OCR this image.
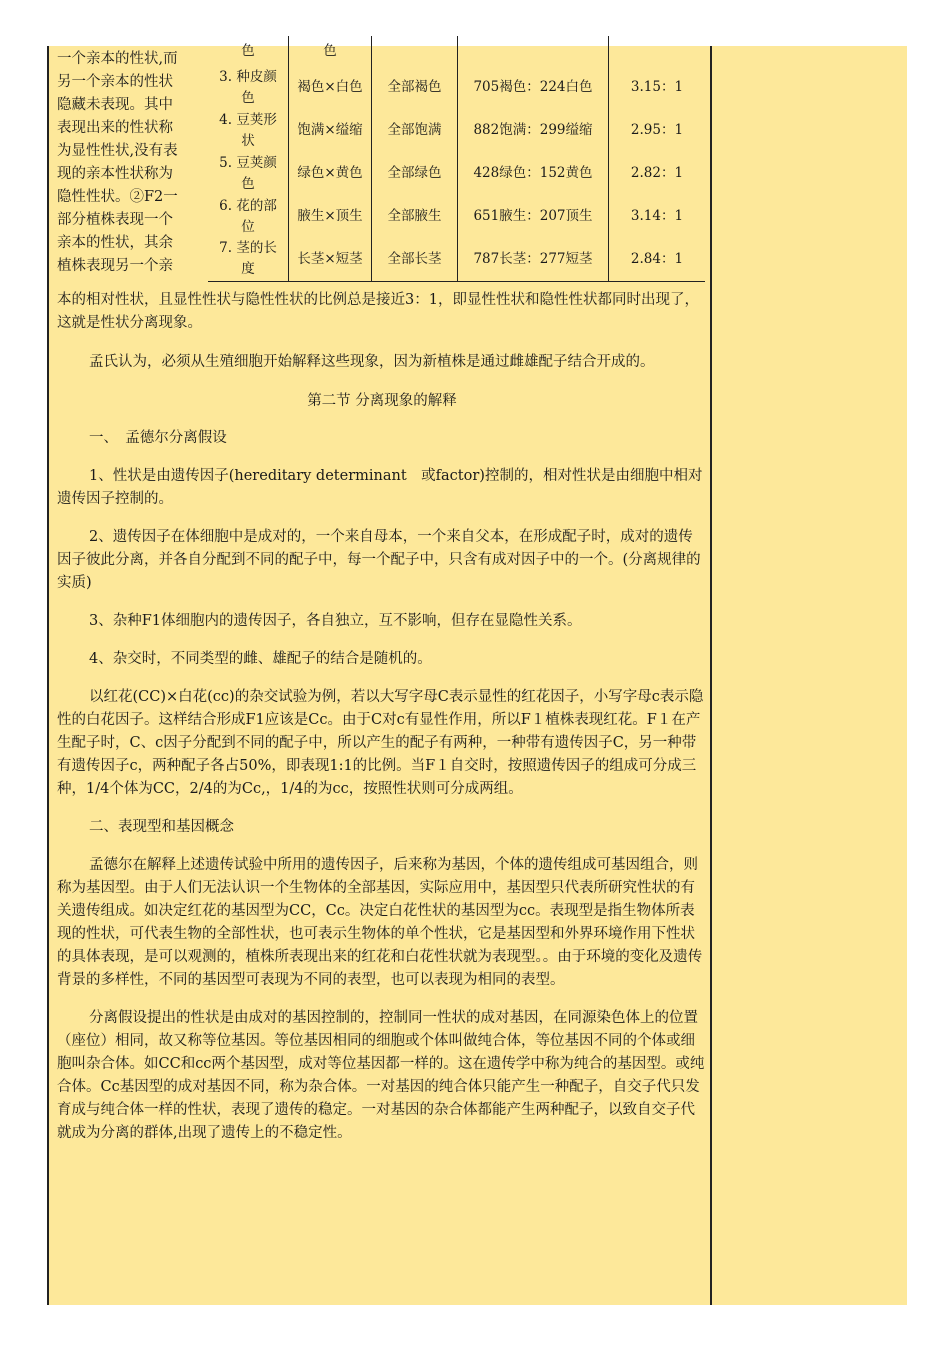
一个亲本的性状,而
另一个亲本的性状
隐藏未表现。其中
表现出来的性状称
为显性性状,没有表
现的亲本性状称为
隐性性状。②F2一
部分植株表现一个
亲本的性状，其余
植株表现另一个亲
色	色			
3. 种皮颜色	褐色×白色	全部褐色	705褐色：224白色	3.15：1
4. 豆荚形状	饱满×缢缩	全部饱满	882饱满：299缢缩	2.95：1
5. 豆荚颜色	绿色×黄色	全部绿色	428绿色：152黄色	2.82：1
6. 花的部位	腋生×顶生	全部腋生	651腋生：207顶生	3.14：1
7. 茎的长度	长茎×短茎	全部长茎	787长茎：277短茎	2.84：1

本的相对性状，且显性性状与隐性性状的比例总是接近3：1，即显性性状和隐性性状都同时出现了，这就是性状分离现象。

孟氏认为，必须从生殖细胞开始解释这些现象，因为新植株是通过雌雄配子结合开成的。

第二节 分离现象的解释
一、　孟德尔分离假设

1、性状是由遗传因子(hereditary determinant　或factor)控制的，相对性状是由细胞中相对遗传因子控制的。

2、遗传因子在体细胞中是成对的，一个来自母本，一个来自父本，在形成配子时，成对的遗传因子彼此分离，并各自分配到不同的配子中，每一个配子中，只含有成对因子中的一个。(分离规律的实质)

3、杂种F1体细胞内的遗传因子，各自独立，互不影响，但存在显隐性关系。

4、杂交时，不同类型的雌、雄配子的结合是随机的。

以红花(CC)×白花(cc)的杂交试验为例，若以大写字母C表示显性的红花因子，小写字母c表示隐性的白花因子。这样结合形成F1应该是Cc。由于C对c有显性作用，所以F１植株表现红花。F１在产生配子时，C、c因子分配到不同的配子中，所以产生的配子有两种，一种带有遗传因子C，另一种带有遗传因子c，两种配子各占50%，即表现1:1的比例。当F１自交时，按照遗传因子的组成可分成三种，1/4个体为CC，2/4的为Cc,，1/4的为cc，按照性状则可分成两组。

二、表现型和基因概念

孟德尔在解释上述遗传试验中所用的遗传因子，后来称为基因，个体的遗传组成可基因组合，则称为基因型。由于人们无法认识一个生物体的全部基因，实际应用中，基因型只代表所研究性状的有关遗传组成。如决定红花的基因型为CC，Cc。决定白花性状的基因型为cc。表现型是指生物体所表现的性状，可代表生物的全部性状，也可表示生物体的单个性状，它是基因型和外界环境作用下性状的具体表现，是可以观测的，植株所表现出来的红花和白花性状就为表现型。。由于环境的变化及遗传背景的多样性，不同的基因型可表现为不同的表型，也可以表现为相同的表型。

分离假设提出的性状是由成对的基因控制的，控制同一性状的成对基因，在同源染色体上的位置（座位）相同，故又称等位基因。等位基因相同的细胞或个体叫做纯合体，等位基因不同的个体或细胞叫杂合体。如CC和cc两个基因型，成对等位基因都一样的。这在遗传学中称为纯合的基因型。或纯合体。Cc基因型的成对基因不同，称为杂合体。一对基因的纯合体只能产生一种配子，自交子代只发育成与纯合体一样的性状，表现了遗传的稳定。一对基因的杂合体都能产生两种配子，以致自交子代就成为分离的群体,出现了遗传上的不稳定性。
